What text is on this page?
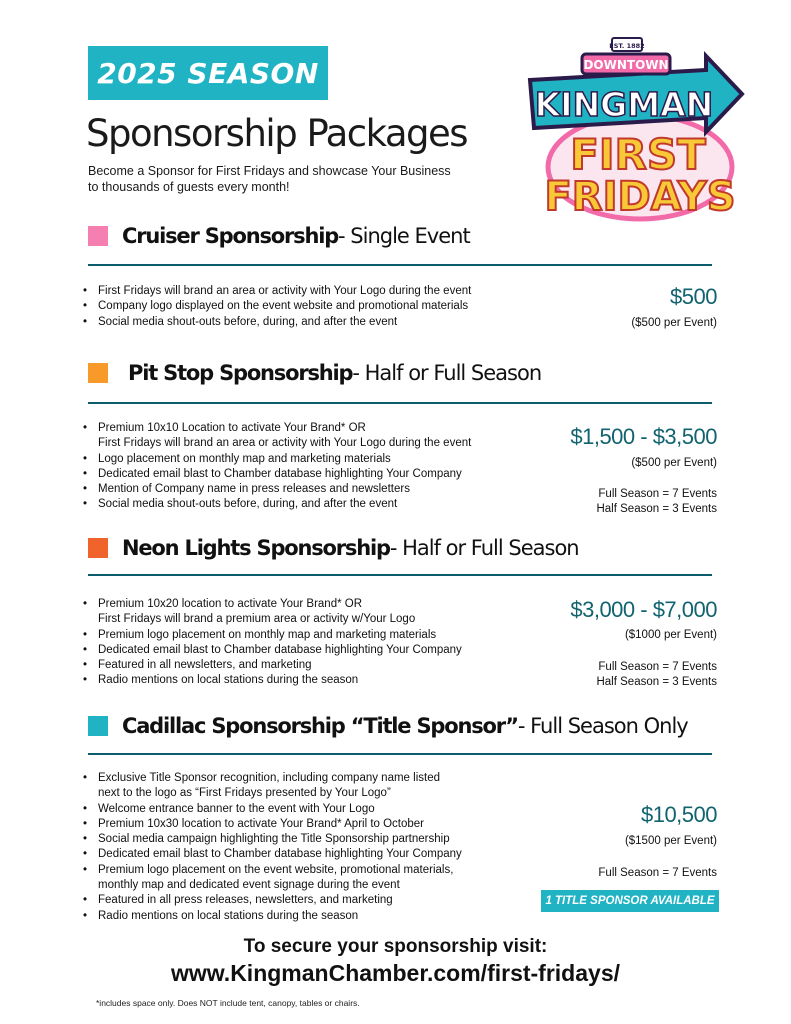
2025 SEASON
Sponsorship Packages
Become a Sponsor for First Fridays and showcase Your Business
to thousands of guests every month!
EST. 1882
DOWNTOWN
KINGMAN
FIRST
FRIDAYS
Cruiser Sponsorship - Single Event
• First Fridays will brand an area or activity with Your Logo during the event
• Company logo displayed on the event website and promotional materials
• Social media shout-outs before, during, and after the event
$500
($500 per Event)
Pit Stop Sponsorship - Half or Full Season
• Premium 10x10 Location to activate Your Brand* OR
First Fridays will brand an area or activity with Your Logo during the event
• Logo placement on monthly map and marketing materials
• Dedicated email blast to Chamber database highlighting Your Company
• Mention of Company name in press releases and newsletters
• Social media shout-outs before, during, and after the event
$1,500 - $3,500
($500 per Event)
Full Season = 7 Events
Half Season = 3 Events
Neon Lights Sponsorship - Half or Full Season
• Premium 10x20 location to activate Your Brand* OR
First Fridays will brand a premium area or activity w/Your Logo
• Premium logo placement on monthly map and marketing materials
• Dedicated email blast to Chamber database highlighting Your Company
• Featured in all newsletters, and marketing
• Radio mentions on local stations during the season
$3,000 - $7,000
($1000 per Event)
Full Season = 7 Events
Half Season = 3 Events
Cadillac Sponsorship “Title Sponsor” - Full Season Only
• Exclusive Title Sponsor recognition, including company name listed
next to the logo as “First Fridays presented by Your Logo”
• Welcome entrance banner to the event with Your Logo
• Premium 10x30 location to activate Your Brand* April to October
• Social media campaign highlighting the Title Sponsorship partnership
• Dedicated email blast to Chamber database highlighting Your Company
• Premium logo placement on the event website, promotional materials,
monthly map and dedicated event signage during the event
• Featured in all press releases, newsletters, and marketing
• Radio mentions on local stations during the season
$10,500
($1500 per Event)
Full Season = 7 Events
1 TITLE SPONSOR AVAILABLE
To secure your sponsorship visit:
www.KingmanChamber.com/first-fridays/
*includes space only. Does NOT include tent, canopy, tables or chairs.
